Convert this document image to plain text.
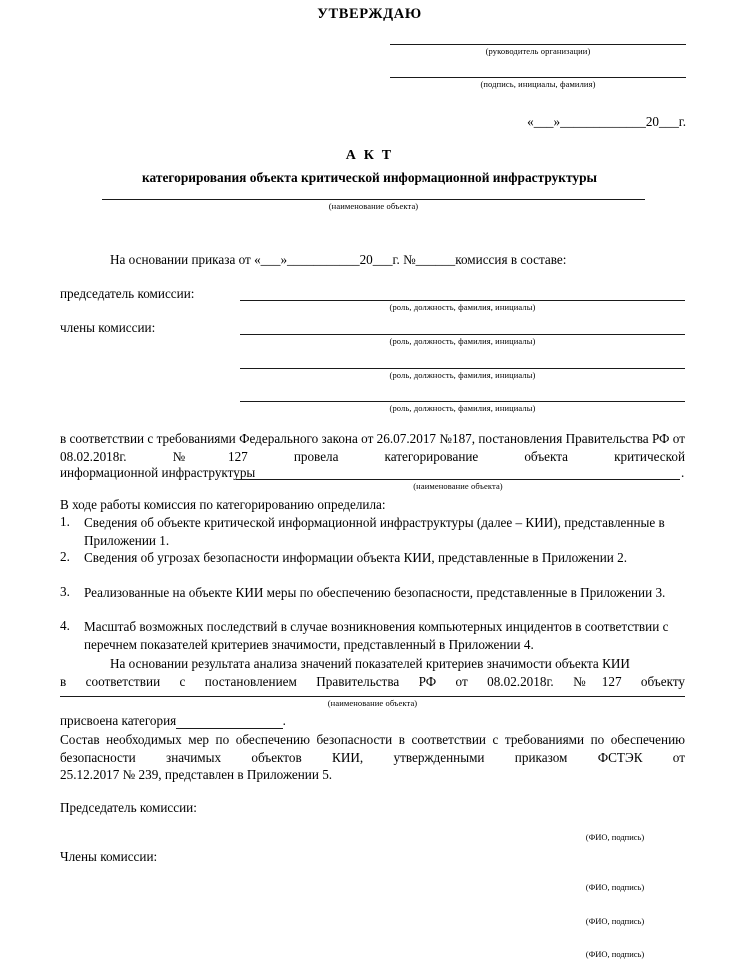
УТВЕРЖДАЮ
(руководитель организации)
(подпись, инициалы, фамилия)
«___»_____________20___г.
А К Т
категорирования объекта критической информационной инфраструктуры
(наименование объекта)
На основании приказа от «___»___________20___г. №______комиссия в составе:
председатель комиссии:
(роль, должность, фамилия, инициалы)
члены комиссии:
(роль, должность, фамилия, инициалы)
(роль, должность, фамилия, инициалы)
(роль, должность, фамилия, инициалы)
в соответствии с требованиями Федерального закона от 26.07.2017 №187, постановления Правительства РФ от 08.02.2018г. №127 провела категорирование объекта критической
информационной инфраструктуры	.
(наименование объекта)
В ходе работы комиссия по категорированию определила:
1. Сведения об объекте критической информационной инфраструктуры (далее – КИИ), представленные в Приложении 1.
2. Сведения об угрозах безопасности информации объекта КИИ, представленные в Приложении 2.
3. Реализованные на объекте КИИ меры по обеспечению безопасности, представленные в Приложении 3.
4. Масштаб возможных последствий в случае возникновения компьютерных инцидентов в соответствии с перечнем показателей критериев значимости, представленный в Приложении 4.
На основании результата анализа значений показателей критериев значимости объекта КИИ
в соответствии с постановлением Правительства РФ от 08.02.2018г. №127 объекту
(наименование объекта)
присвоена категория	.
Состав необходимых мер по обеспечению безопасности в соответствии с требованиями по обеспечению безопасности значимых объектов КИИ, утвержденными приказом ФСТЭК от
25.12.2017 № 239, представлен в Приложении 5.
Председатель комиссии:
(ФИО, подпись)
Члены комиссии:
(ФИО, подпись)
(ФИО, подпись)
(ФИО, подпись)
